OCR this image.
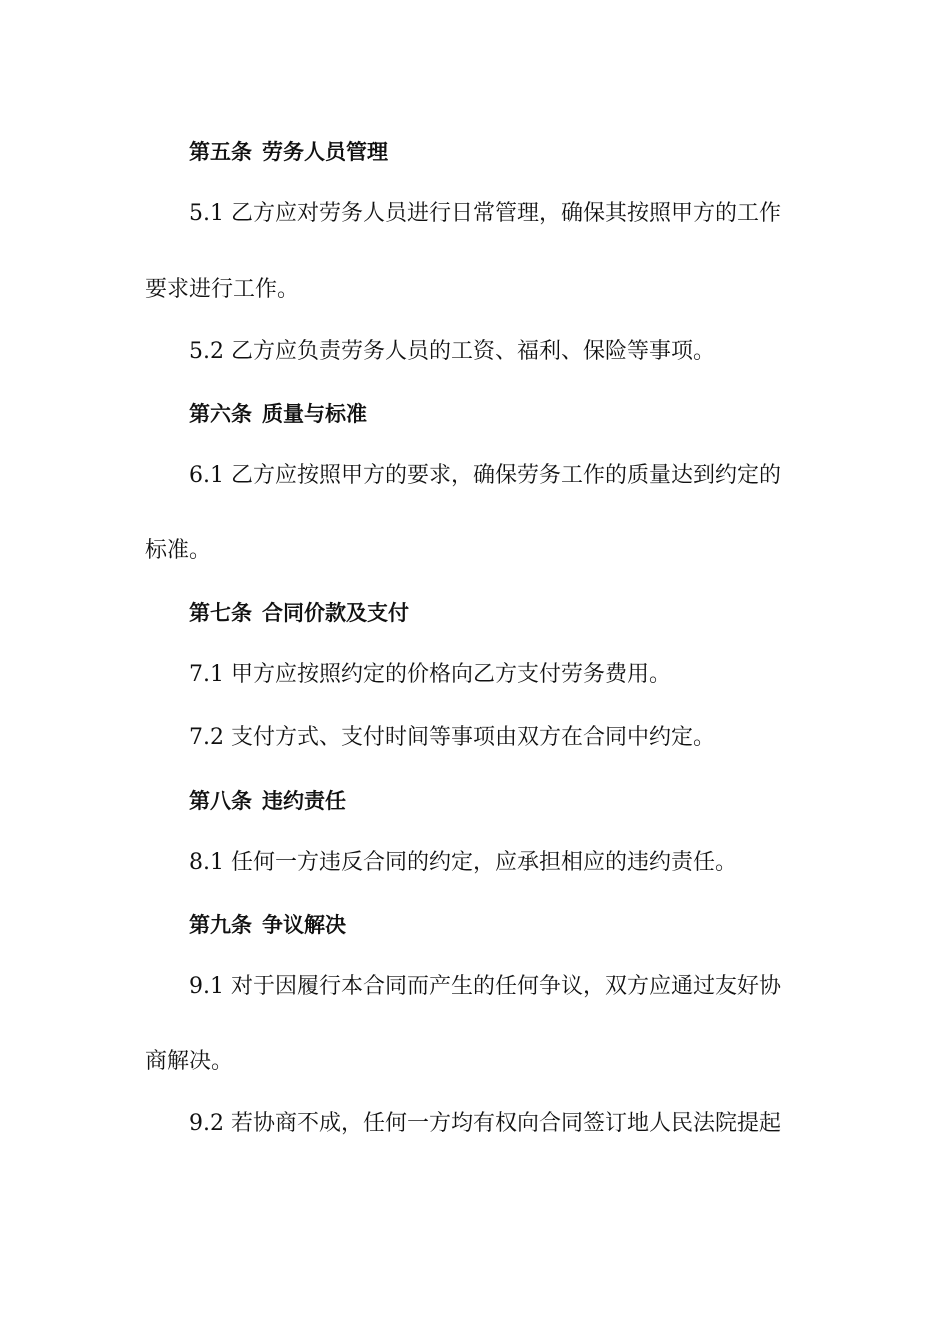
第五条 劳务人员管理
5.1 乙方应对劳务人员进行日常管理，确保其按照甲方的工作
要求进行工作。
5.2 乙方应负责劳务人员的工资、福利、保险等事项。
第六条 质量与标准
6.1 乙方应按照甲方的要求，确保劳务工作的质量达到约定的
标准。
第七条 合同价款及支付
7.1 甲方应按照约定的价格向乙方支付劳务费用。
7.2 支付方式、支付时间等事项由双方在合同中约定。
第八条 违约责任
8.1 任何一方违反合同的约定，应承担相应的违约责任。
第九条 争议解决
9.1 对于因履行本合同而产生的任何争议，双方应通过友好协
商解决。
9.2 若协商不成，任何一方均有权向合同签订地人民法院提起
